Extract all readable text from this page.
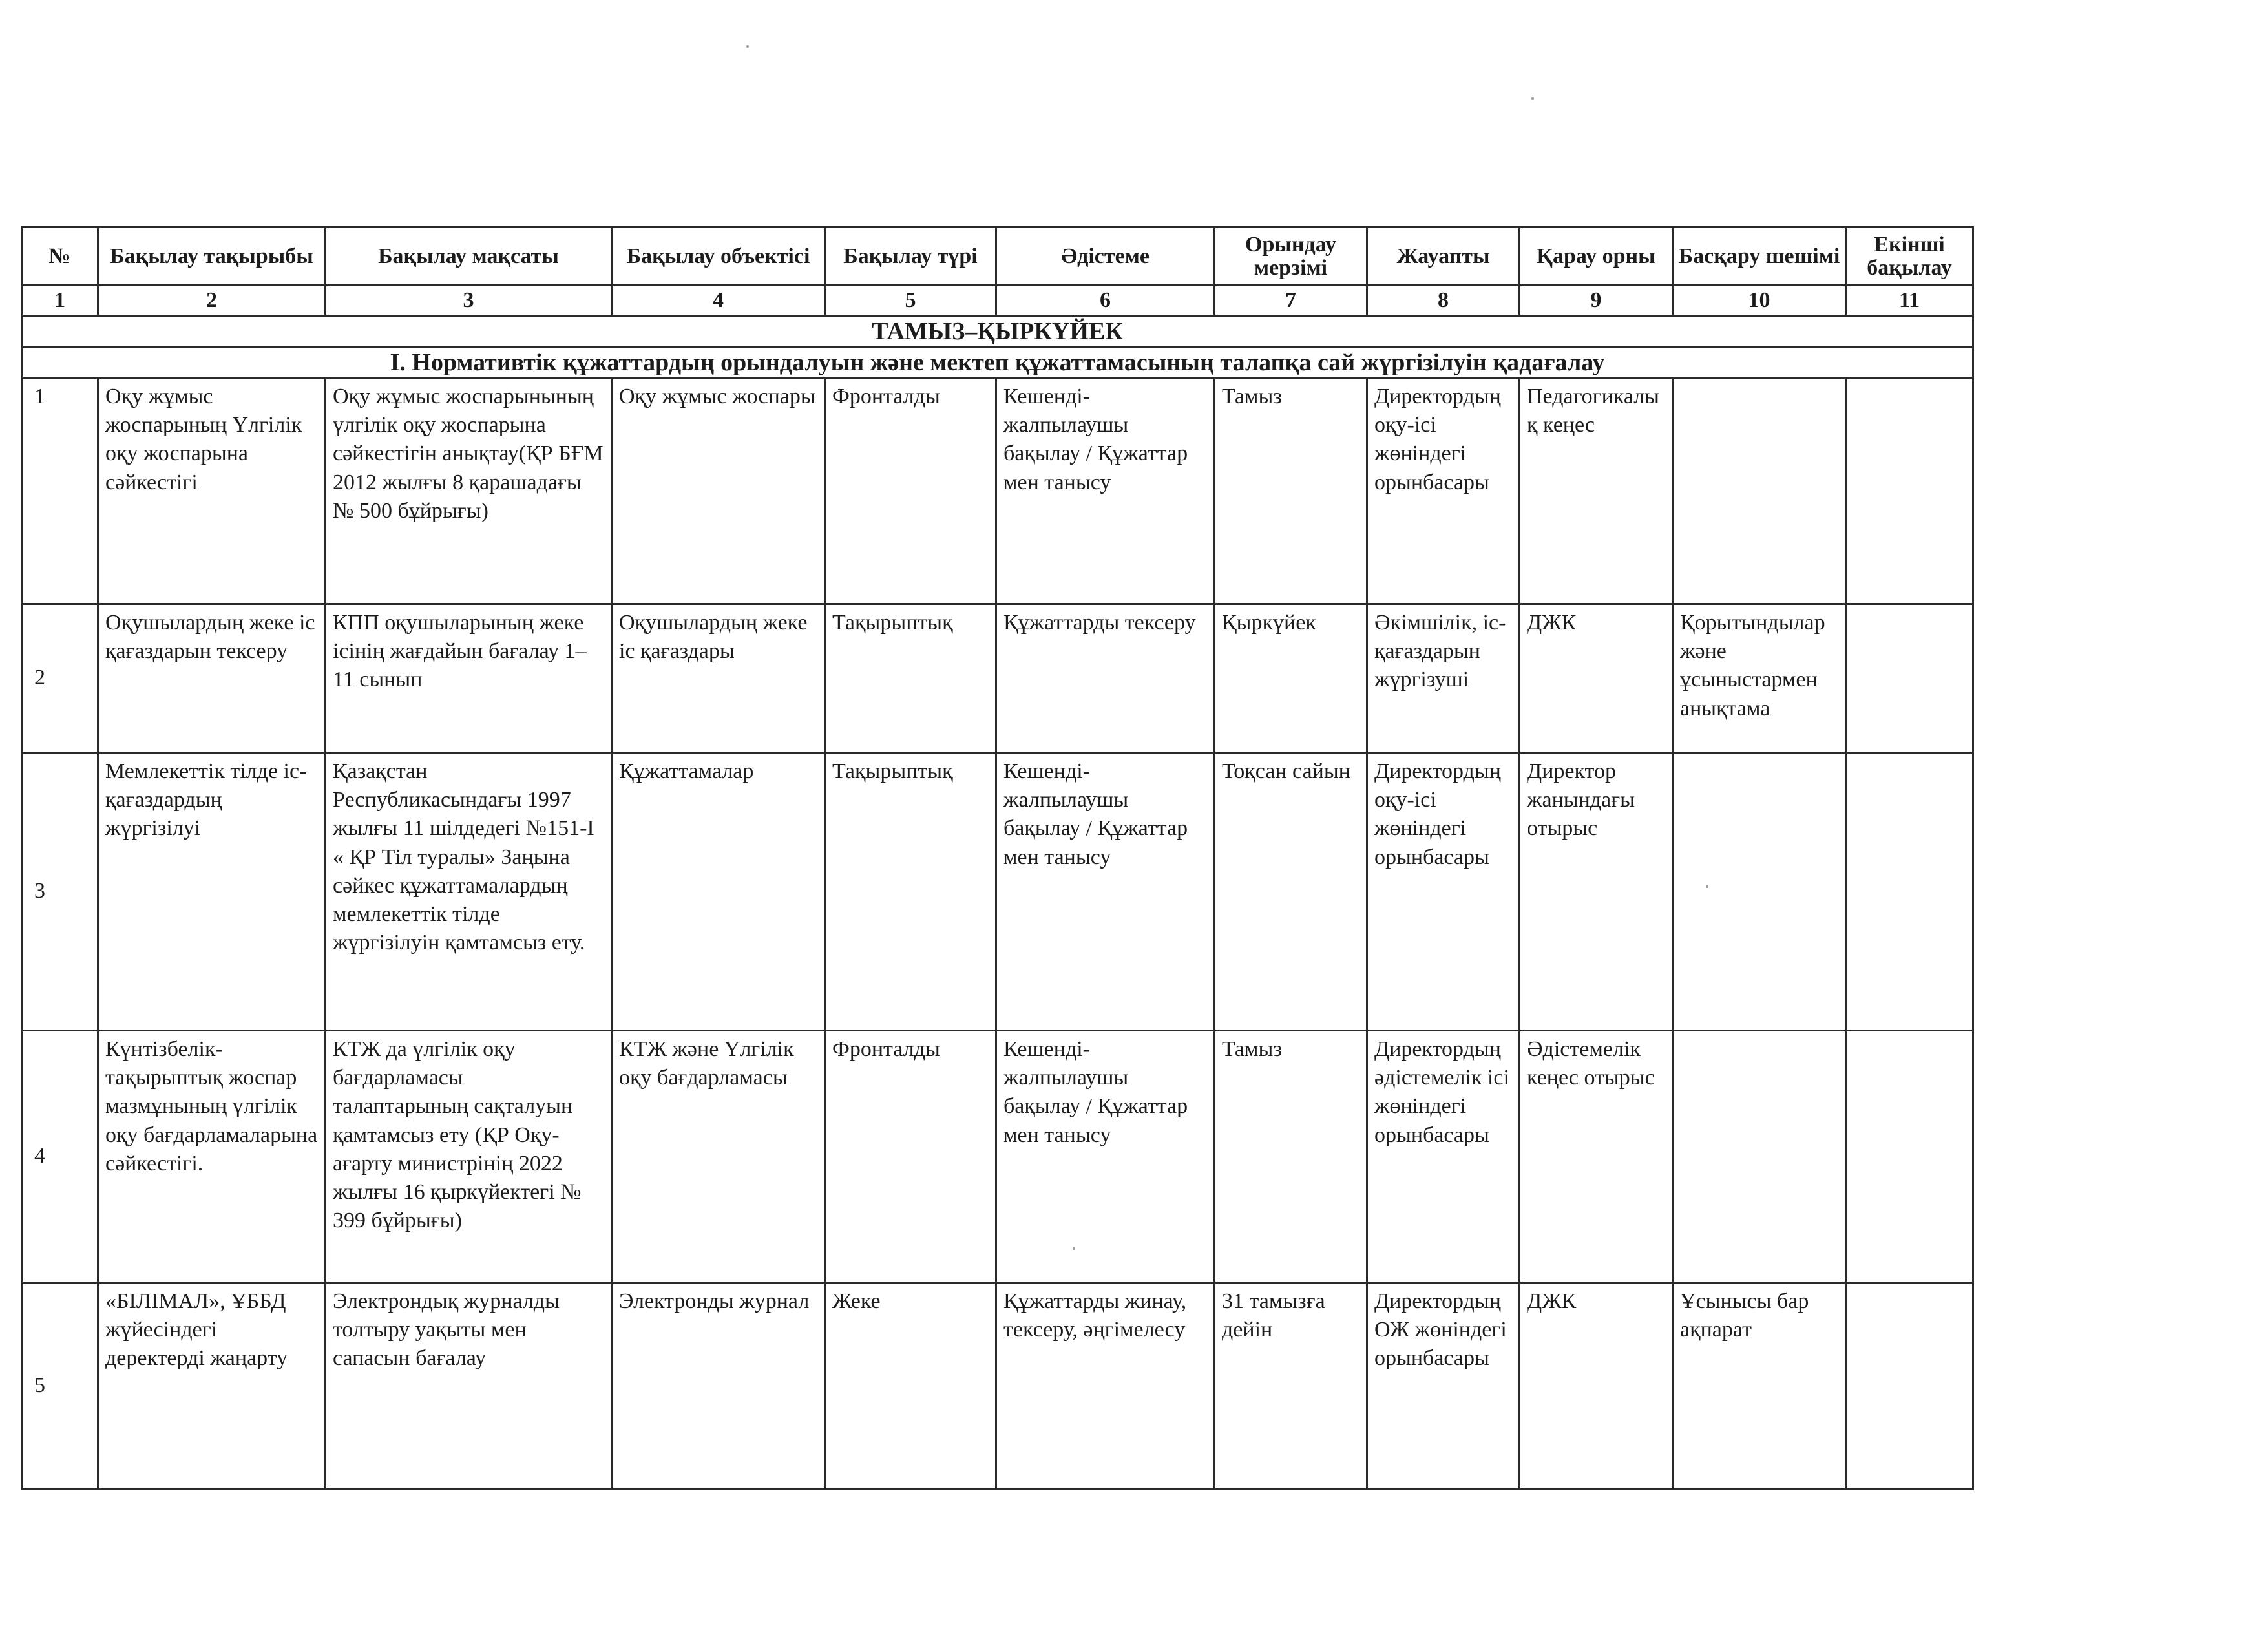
№	Бақылау тақырыбы	Бақылау мақсаты	Бақылау объектісі	Бақылау түрі	Әдістеме	Орындау мерзімі	Жауапты	Қарау орны	Басқару шешімі	Екінші бақылау
1	2	3	4	5	6	7	8	9	10	11
ТАМЫЗ–ҚЫРКҮЙЕК										
I. Нормативтік құжаттардың орындалуын және мектеп құжаттамасының талапқа сай жүргізілуін қадағалау										
1	Оқу жұмыс жоспарының Үлгілік оқу жоспарына сәйкестігі	Оқу жұмыс жоспарынының үлгілік оқу жоспарына сәйкестігін анықтау(ҚР БҒМ 2012 жылғы 8 қарашадағы № 500 бұйрығы)	Оқу жұмыс жоспары	Фронталды	Кешенді-жалпылаушы бақылау / Құжаттар мен танысу	Тамыз	Директордың оқу-ісі жөніндегі орынбасары	Педагогикалық кеңес		
2	Оқушылардың жеке іс қағаздарын тексеру	КПП оқушыларының жеке ісінің жағдайын бағалау 1–11 сынып	Оқушылардың жеке іс қағаздары	Тақырыптық	Құжаттарды тексеру	Қыркүйек	Әкімшілік, іс-қағаздарын жүргізуші	ДЖК	Қорытындылар және ұсыныстармен анықтама	
3	Мемлекеттік тілде іс-қағаздардың жүргізілуі	Қазақстан Республикасындағы 1997 жылғы 11 шілдедегі №151-І « ҚР Тіл туралы» Заңына сәйкес құжаттамалардың мемлекеттік тілде жүргізілуін қамтамсыз ету.	Құжаттамалар	Тақырыптық	Кешенді-жалпылаушы бақылау / Құжаттар мен танысу	Тоқсан сайын	Директордың оқу-ісі жөніндегі орынбасары	Директор жанындағы отырыс		
4	Күнтізбелік-тақырыптық жоспар мазмұнының үлгілік оқу бағдарламаларына сәйкестігі.	КТЖ да үлгілік оқу бағдарламасы талаптарының сақталуын қамтамсыз ету (ҚР Оқу-ағарту министрінің 2022 жылғы 16 қыркүйектегі № 399 бұйрығы)	КТЖ және Үлгілік оқу бағдарламасы	Фронталды	Кешенді-жалпылаушы бақылау / Құжаттар мен танысу	Тамыз	Директордың әдістемелік ісі жөніндегі орынбасары	Әдістемелік кеңес отырыс		
5	«БІЛІМАЛ», ҰББД жүйесіндегі деректерді жаңарту	Электрондық журналды толтыру уақыты мен сапасын бағалау	Электронды журнал	Жеке	Құжаттарды жинау, тексеру, әңгімелесу	31 тамызға дейін	Директордың ОЖ жөніндегі орынбасары	ДЖК	Ұсынысы бар ақпарат	
